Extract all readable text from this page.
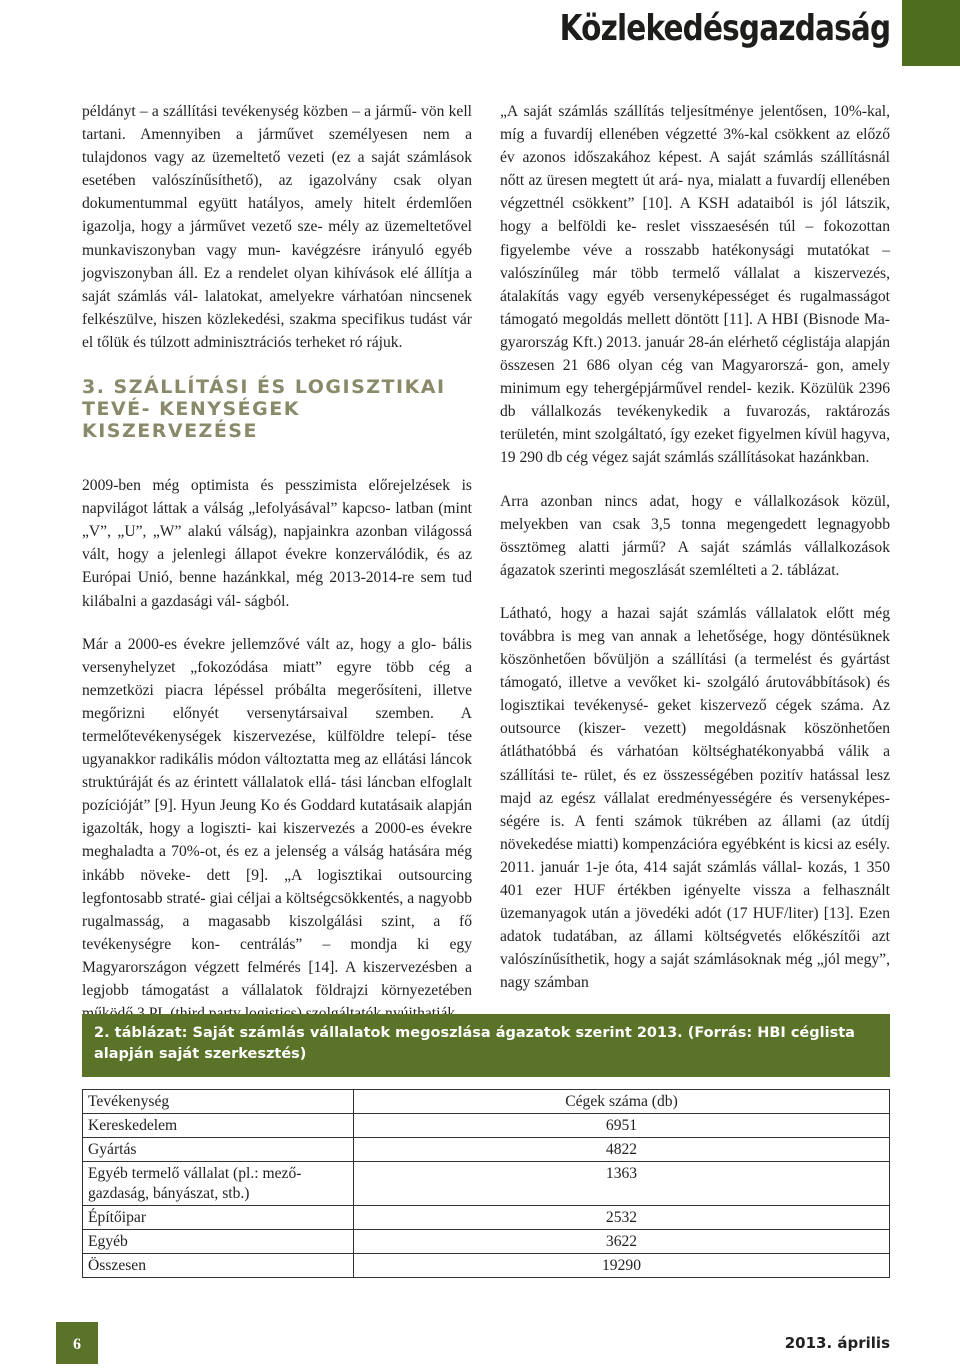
Közlekedésgazdaság

példányt – a szállítási tevékenység közben – a jármű- vön kell tartani. Amennyiben a járművet személyesen nem a tulajdonos vagy az üzemeltető vezeti (ez a saját számlások esetében valószínűsíthető), az igazolvány csak olyan dokumentummal együtt hatályos, amely hitelt érdemlően igazolja, hogy a járművet vezető sze- mély az üzemeltetővel munkaviszonyban vagy mun- kavégzésre irányuló egyéb jogviszonyban áll. Ez a rendelet olyan kihívások elé állítja a saját számlás vál- lalatokat, amelyekre várhatóan nincsenek felkészülve, hiszen közlekedési, szakma specifikus tudást vár el tőlük és túlzott adminisztrációs terheket ró rájuk.

3. SZÁLLÍTÁSI ÉS LOGISZTIKAI TEVÉ- KENYSÉGEK KISZERVEZÉSE

2009-ben még optimista és pesszimista előrejelzések is napvilágot láttak a válság „lefolyásával” kapcso- latban (mint „V”, „U”, „W” alakú válság), napjainkra azonban világossá vált, hogy a jelenlegi állapot évekre konzerválódik, és az Európai Unió, benne hazánkkal, még 2013-2014-re sem tud kilábalni a gazdasági vál- ságból.

Már a 2000-es évekre jellemzővé vált az, hogy a glo- bális versenyhelyzet „fokozódása miatt” egyre több cég a nemzetközi piacra lépéssel próbálta megerősíteni, illetve megőrizni előnyét versenytársaival szemben. A termelőtevékenységek kiszervezése, külföldre telepí- tése ugyanakkor radikális módon változtatta meg az ellátási láncok struktúráját és az érintett vállalatok ellá- tási láncban elfoglalt pozícióját” [9]. Hyun Jeung Ko és Goddard kutatásaik alapján igazolták, hogy a logiszti- kai kiszervezés a 2000-es évekre meghaladta a 70%-ot, és ez a jelenség a válság hatására még inkább növeke- dett [9]. „A logisztikai outsourcing legfontosabb straté- giai céljai a költségcsökkentés, a nagyobb rugalmasság, a magasabb kiszolgálási szint, a fő tevékenységre kon- centrálás” – mondja ki egy Magyarországon végzett felmérés [14]. A kiszervezésben a legjobb támogatást a vállalatok földrajzi környezetében

„A saját számlás szállítás teljesítménye jelentősen, 10%-kal, míg a fuvardíj ellenében végzetté 3%-kal csökkent az előző év azonos időszakához képest. A saját számlás szállításnál nőtt az üresen megtett út ará- nya, mialatt a fuvardíj ellenében végzettnél csökkent” [10]. A KSH adataiból is jól látszik, hogy a belföldi ke- reslet visszaesésén túl – fokozottan figyelembe véve a rosszabb hatékonysági mutatókat – valószínűleg már több termelő vállalat a kiszervezés, átalakítás vagy egyéb versenyképességet és rugalmasságot támogató megoldás mellett döntött [11]. A HBI (Bisnode Ma- gyarország Kft.) 2013. január 28-án elérhető céglistája alapján összesen 21 686 olyan cég van Magyarorszá- gon, amely minimum egy tehergépjárművel rendel- kezik. Közülük 2396 db vállalkozás tevékenykedik a fuvarozás, raktározás területén, mint szolgáltató, így ezeket figyelmen kívül hagyva, 19 290 db cég végez saját számlás szállításokat hazánkban.

Arra azonban nincs adat, hogy e vállalkozások közül, melyekben van csak 3,5 tonna megengedett legnagyobb össztömeg alatti jármű? A saját számlás vállalkozások ágazatok szerinti megoszlását szemlélteti a 2. táblázat.

Látható, hogy a hazai saját számlás vállalatok előtt még továbbra is meg van annak a lehetősége, hogy döntésüknek köszönhetően bővüljön a szállítási (a termelést és gyártást támogató, illetve a vevőket ki- szolgáló árutovábbítások) és logisztikai tevékenysé- geket kiszervező cégek száma. Az outsource (kiszer- vezett) megoldásnak köszönhetően átláthatóbbá és várhatóan költséghatékonyabbá válik a szállítási te- rület, és ez összességében pozitív hatással lesz majd az egész vállalat eredményességére és versenyképes- ségére is. A fenti számok tükrében az állami (az útdíj növekedése miatti) kompenzációra egyébként is kicsi az esély. 2011. január 1-je óta, 414 saját számlás vállal- kozás, 1 350 401 ezer HUF értékben igényelte vissza a felhasznált üzemanyagok után a jövedéki adót (17 HUF/liter) [13]. Ezen adatok tudatában, az állami költségvetés előkészítői azt valószínűsíthetik, hogy a saját számlásoknak még „jól megy”, nagy számban

2. táblázat: Saját számlás vállalatok megoszlása ágazatok szerint 2013. (Forrás: HBI céglista alapján saját szerkesztés)
Tevékenység	Cégek száma (db)
Kereskedelem	6951
Gyártás	4822
Egyéb termelő vállalat (pl.: mező- gazdaság, bányászat, stb.)	1363
Építőipar	2532
Egyéb	3622
Összesen	19290
6	2013. április
